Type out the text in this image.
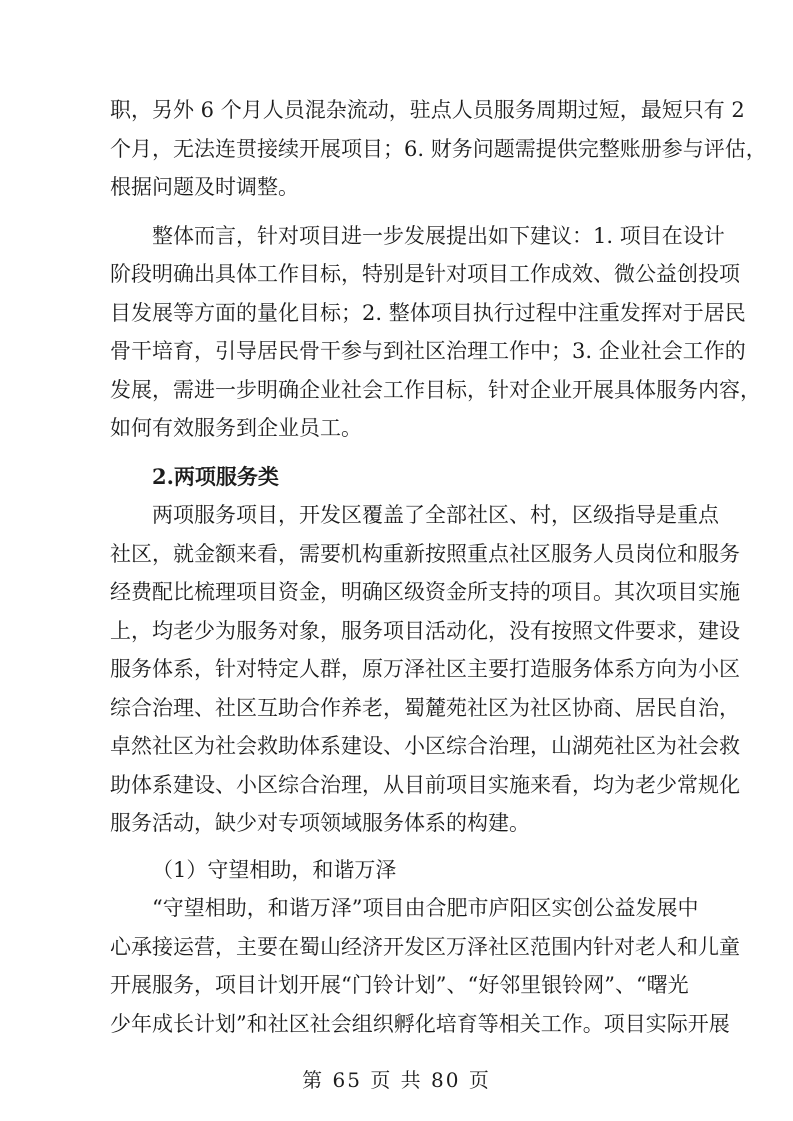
职，另外 6 个月人员混杂流动，驻点人员服务周期过短，最短只有 2
个月，无法连贯接续开展项目；6. 财务问题需提供完整账册参与评估，
根据问题及时调整。
整体而言，针对项目进一步发展提出如下建议：1. 项目在设计
阶段明确出具体工作目标，特别是针对项目工作成效、微公益创投项
目发展等方面的量化目标；2. 整体项目执行过程中注重发挥对于居民
骨干培育，引导居民骨干参与到社区治理工作中；3. 企业社会工作的
发展，需进一步明确企业社会工作目标，针对企业开展具体服务内容，
如何有效服务到企业员工。
2.两项服务类
两项服务项目，开发区覆盖了全部社区、村，区级指导是重点
社区，就金额来看，需要机构重新按照重点社区服务人员岗位和服务
经费配比梳理项目资金，明确区级资金所支持的项目。其次项目实施
上，均老少为服务对象，服务项目活动化，没有按照文件要求，建设
服务体系，针对特定人群，原万泽社区主要打造服务体系方向为小区
综合治理、社区互助合作养老，蜀麓苑社区为社区协商、居民自治，
卓然社区为社会救助体系建设、小区综合治理，山湖苑社区为社会救
助体系建设、小区综合治理，从目前项目实施来看，均为老少常规化
服务活动，缺少对专项领域服务体系的构建。
（1）守望相助，和谐万泽
“守望相助，和谐万泽”项目由合肥市庐阳区实创公益发展中
第 65 页 共 80 页
心承接运营，主要在蜀山经济开发区万泽社区范围内针对老人和儿童
开展服务，项目计划开展“门铃计划”、“好邻里银铃网”、“曙光
少年成长计划”和社区社会组织孵化培育等相关工作。项目实际开展
